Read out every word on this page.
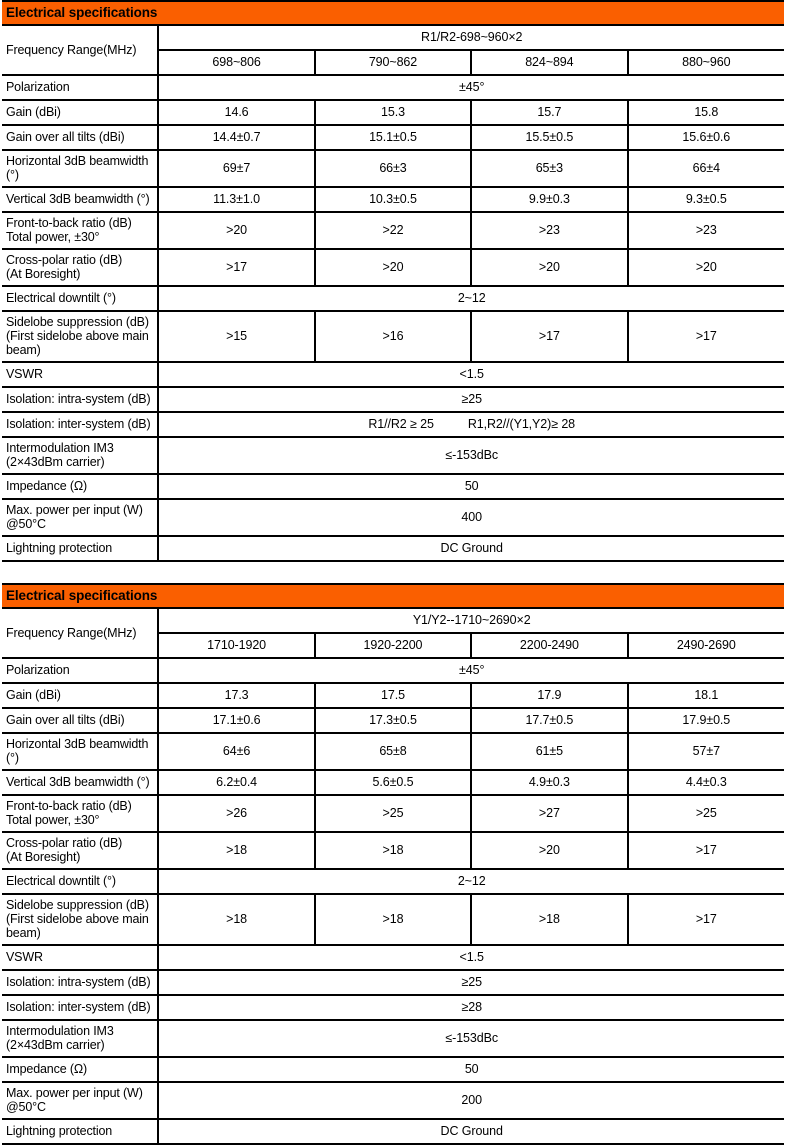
Electrical specifications				
Frequency Range(MHz)	R1/R2-698~960×2			
	698~806	790~862	824~894	880~960

Polarization	±45°			

Gain (dBi)	14.6	15.3	15.7	15.8

Gain over all tilts (dBi)	14.4±0.7	15.1±0.5	15.5±0.5	15.6±0.6

Horizontal 3dB beamwidth (°)	69±7	66±3	65±3	66±4

Vertical 3dB beamwidth (°)	11.3±1.0	10.3±0.5	9.9±0.3	9.3±0.5

Front-to-back ratio (dB)
Total power, ±30°	>20	>22	>23	>23

Cross-polar ratio (dB)
(At Boresight)	>17	>20	>20	>20

Electrical downtilt (°)	2~12			

Sidelobe suppression (dB)
(First sidelobe above main beam)	>15	>16	>17	>17

VSWR	<1.5			

Isolation: intra-system (dB)	≥25			

Isolation: inter-system (dB)	R1//R2 ≥ 25 R1,R2//(Y1,Y2)≥ 28			

Intermodulation IM3
(2×43dBm carrier)	≤-153dBc			

Impedance (Ω)	50			

Max. power per input (W) @50°C	400			

Lightning protection	DC Ground			
Electrical specifications				
Frequency Range(MHz)	Y1/Y2--1710~2690×2			
	1710-1920	1920-2200	2200-2490	2490-2690

Polarization	±45°			

Gain (dBi)	17.3	17.5	17.9	18.1

Gain over all tilts (dBi)	17.1±0.6	17.3±0.5	17.7±0.5	17.9±0.5

Horizontal 3dB beamwidth (°)	64±6	65±8	61±5	57±7

Vertical 3dB beamwidth (°)	6.2±0.4	5.6±0.5	4.9±0.3	4.4±0.3

Front-to-back ratio (dB)
Total power, ±30°	>26	>25	>27	>25

Cross-polar ratio (dB)
(At Boresight)	>18	>18	>20	>17

Electrical downtilt (°)	2~12			

Sidelobe suppression (dB)
(First sidelobe above main beam)	>18	>18	>18	>17

VSWR	<1.5			

Isolation: intra-system (dB)	≥25			

Isolation: inter-system (dB)	≥28			

Intermodulation IM3
(2×43dBm carrier)	≤-153dBc			

Impedance (Ω)	50			

Max. power per input (W) @50°C	200			

Lightning protection	DC Ground			
